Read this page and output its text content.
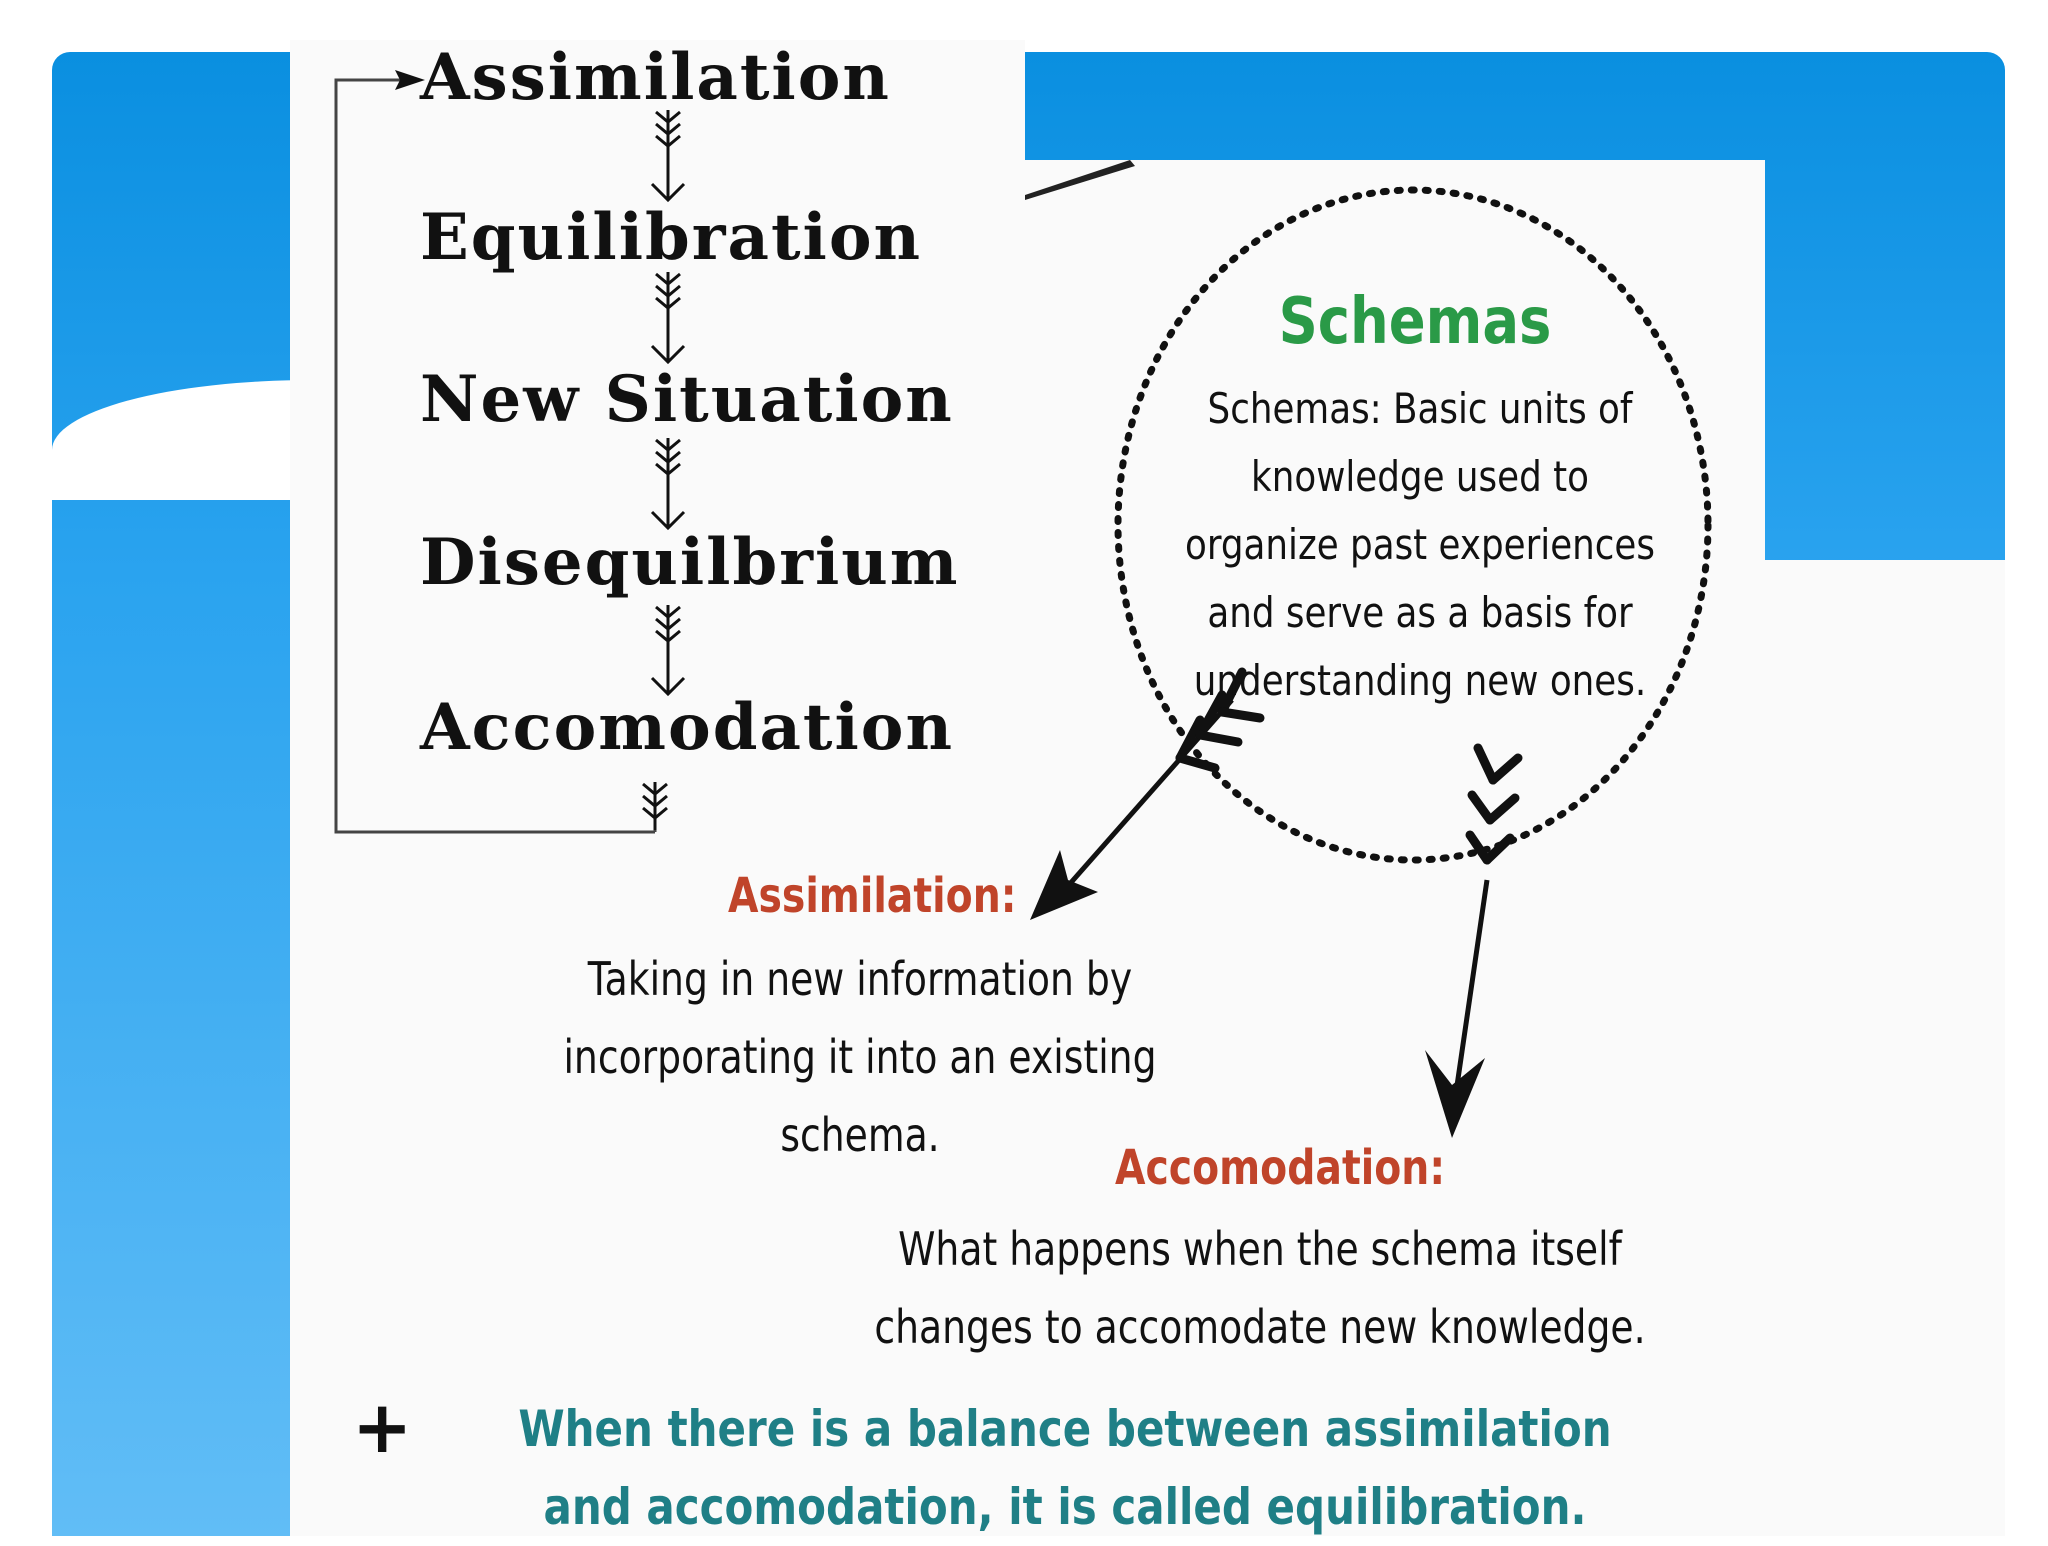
Assimilation
Equilibration
New Situation
Disequilbrium
Accomodation
Schemas
Schemas: Basic units of knowledge used to organize past experiences and serve as a basis for understanding new ones.
Assimilation:
Taking in new information by incorporating it into an existing schema.
Accomodation:
What happens when the schema itself changes to accomodate new knowledge.
+	When there is a balance between assimilation and accomodation, it is called equilibration.
